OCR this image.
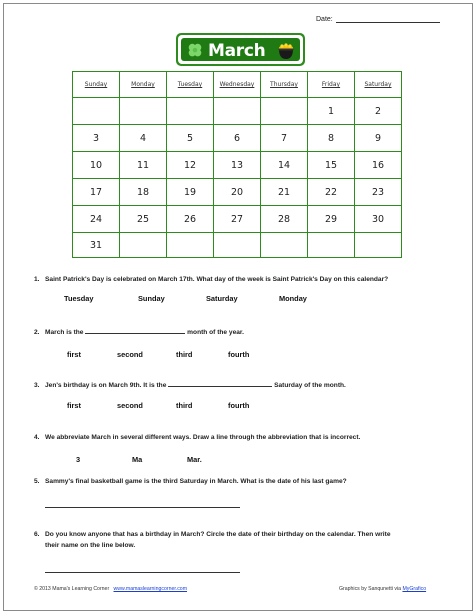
Date:
March
Sunday	Monday	Tuesday	Wednesday	Thursday	Friday	Saturday
					1	2
3	4	5	6	7	8	9
10	11	12	13	14	15	16
17	18	19	20	21	22	23
24	25	26	27	28	29	30
31						
1. Saint Patrick's Day is celebrated on March 17th. What day of the week is Saint Patrick's Day on this calendar?
Tuesday	Sunday	Saturday	Monday
2. March is the	month of the year.
first	second	third	fourth
3. Jen's birthday is on March 9th. It is the	Saturday of the month.
first	second	third	fourth
4. We abbreviate March in several different ways. Draw a line through the abbreviation that is incorrect.
3	Ma	Mar.
5. Sammy's final basketball game is the third Saturday in March. What is the date of his last game?
6. Do you know anyone that has a birthday in March? Circle the date of their birthday on the calendar. Then write
their name on the line below.
© 2013 Mama's Learning Corner www.mamaslearningcorner.com	Graphics by Sanqunetti via MyGrafico
